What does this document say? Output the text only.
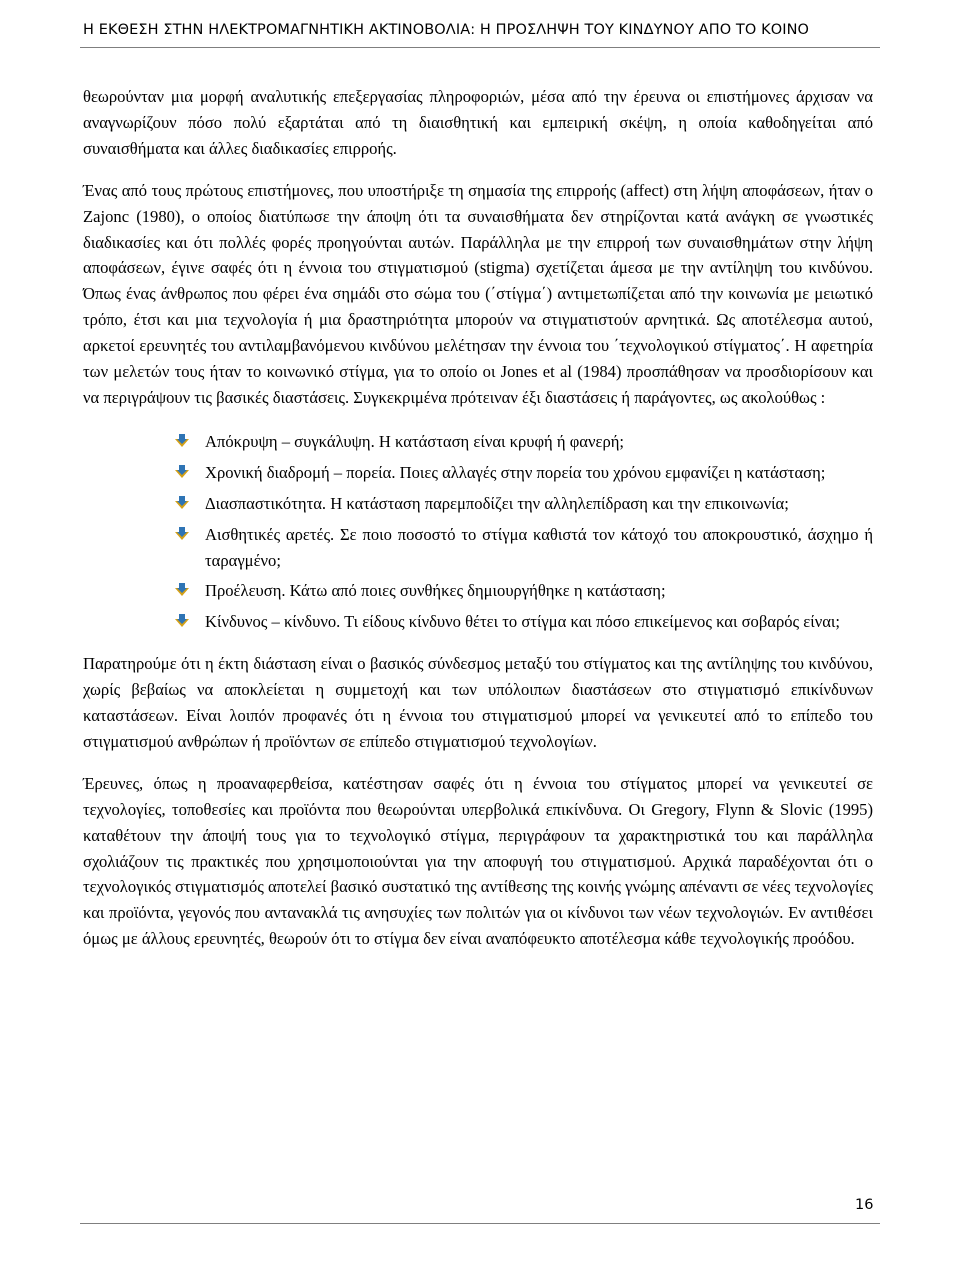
Η ΕΚΘΕΣΗ ΣΤΗΝ ΗΛΕΚΤΡΟΜΑΓΝΗΤΙΚΗ ΑΚΤΙΝΟΒΟΛΙΑ: Η ΠΡΟΣΛΗΨΗ ΤΟΥ ΚΙΝΔΥΝΟΥ ΑΠΟ ΤΟ ΚΟΙΝΟ

θεωρούνταν μια μορφή αναλυτικής επεξεργασίας πληροφοριών, μέσα από την έρευνα οι επιστήμονες άρχισαν να αναγνωρίζουν πόσο πολύ εξαρτάται από τη διαισθητική και εμπειρική σκέψη, η οποία καθοδηγείται από συναισθήματα και άλλες διαδικασίες επιρροής.

Ένας από τους πρώτους επιστήμονες, που υποστήριξε τη σημασία της επιρροής (affect) στη λήψη αποφάσεων, ήταν ο Zajonc (1980), ο οποίος διατύπωσε την άποψη ότι τα συναισθήματα δεν στηρίζονται κατά ανάγκη σε γνωστικές διαδικασίες και ότι πολλές φορές προηγούνται αυτών. Παράλληλα με την επιρροή των συναισθημάτων στην λήψη αποφάσεων, έγινε σαφές ότι η έννοια του στιγματισμού (stigma) σχετίζεται άμεσα με την αντίληψη του κινδύνου. Όπως ένας άνθρωπος που φέρει ένα σημάδι στο σώμα του (΄στίγμα΄) αντιμετωπίζεται από την κοινωνία με μειωτικό τρόπο, έτσι και μια τεχνολογία ή μια δραστηριότητα μπορούν να στιγματιστούν αρνητικά. Ως αποτέλεσμα αυτού, αρκετοί ερευνητές του αντιλαμβανόμενου κινδύνου μελέτησαν την έννοια του ΄τεχνολογικού στίγματος΄. Η αφετηρία των μελετών τους ήταν το κοινωνικό στίγμα, για το οποίο οι Jones et al (1984) προσπάθησαν να προσδιορίσουν και να περιγράψουν τις βασικές διαστάσεις. Συγκεκριμένα πρότειναν έξι διαστάσεις ή παράγοντες, ως ακολούθως :

Απόκρυψη – συγκάλυψη. Η κατάσταση είναι κρυφή ή φανερή;
Χρονική διαδρομή – πορεία. Ποιες αλλαγές στην πορεία του χρόνου εμφανίζει η κατάσταση;
Διασπαστικότητα. Η κατάσταση παρεμποδίζει την αλληλεπίδραση και την επικοινωνία;
Αισθητικές αρετές. Σε ποιο ποσοστό το στίγμα καθιστά τον κάτοχό του αποκρουστικό, άσχημο ή ταραγμένο;
Προέλευση. Κάτω από ποιες συνθήκες δημιουργήθηκε η κατάσταση;
Κίνδυνος – κίνδυνο. Τι είδους κίνδυνο θέτει το στίγμα και πόσο επικείμενος και σοβαρός είναι;

Παρατηρούμε ότι η έκτη διάσταση είναι ο βασικός σύνδεσμος μεταξύ του στίγματος και της αντίληψης του κινδύνου, χωρίς βεβαίως να αποκλείεται η συμμετοχή και των υπόλοιπων διαστάσεων στο στιγματισμό επικίνδυνων καταστάσεων. Είναι λοιπόν προφανές ότι η έννοια του στιγματισμού μπορεί να γενικευτεί από το επίπεδο του στιγματισμού ανθρώπων ή προϊόντων σε επίπεδο στιγματισμού τεχνολογίων.

Έρευνες, όπως η προαναφερθείσα, κατέστησαν σαφές ότι η έννοια του στίγματος μπορεί να γενικευτεί σε τεχνολογίες, τοποθεσίες και προϊόντα που θεωρούνται υπερβολικά επικίνδυνα. Οι Gregory, Flynn & Slovic (1995) καταθέτουν την άποψή τους για το τεχνολογικό στίγμα, περιγράφουν τα χαρακτηριστικά του και παράλληλα σχολιάζουν τις πρακτικές που χρησιμοποιούνται για την αποφυγή του στιγματισμού. Αρχικά παραδέχονται ότι ο τεχνολογικός στιγματισμός αποτελεί βασικό συστατικό της αντίθεσης της κοινής γνώμης απέναντι σε νέες τεχνολογίες και προϊόντα, γεγονός που αντανακλά τις ανησυχίες των πολιτών για οι κίνδυνοι των νέων τεχνολογιών. Εν αντιθέσει όμως με άλλους ερευνητές, θεωρούν ότι το στίγμα δεν είναι αναπόφευκτο αποτέλεσμα κάθε τεχνολογικής προόδου.

16
